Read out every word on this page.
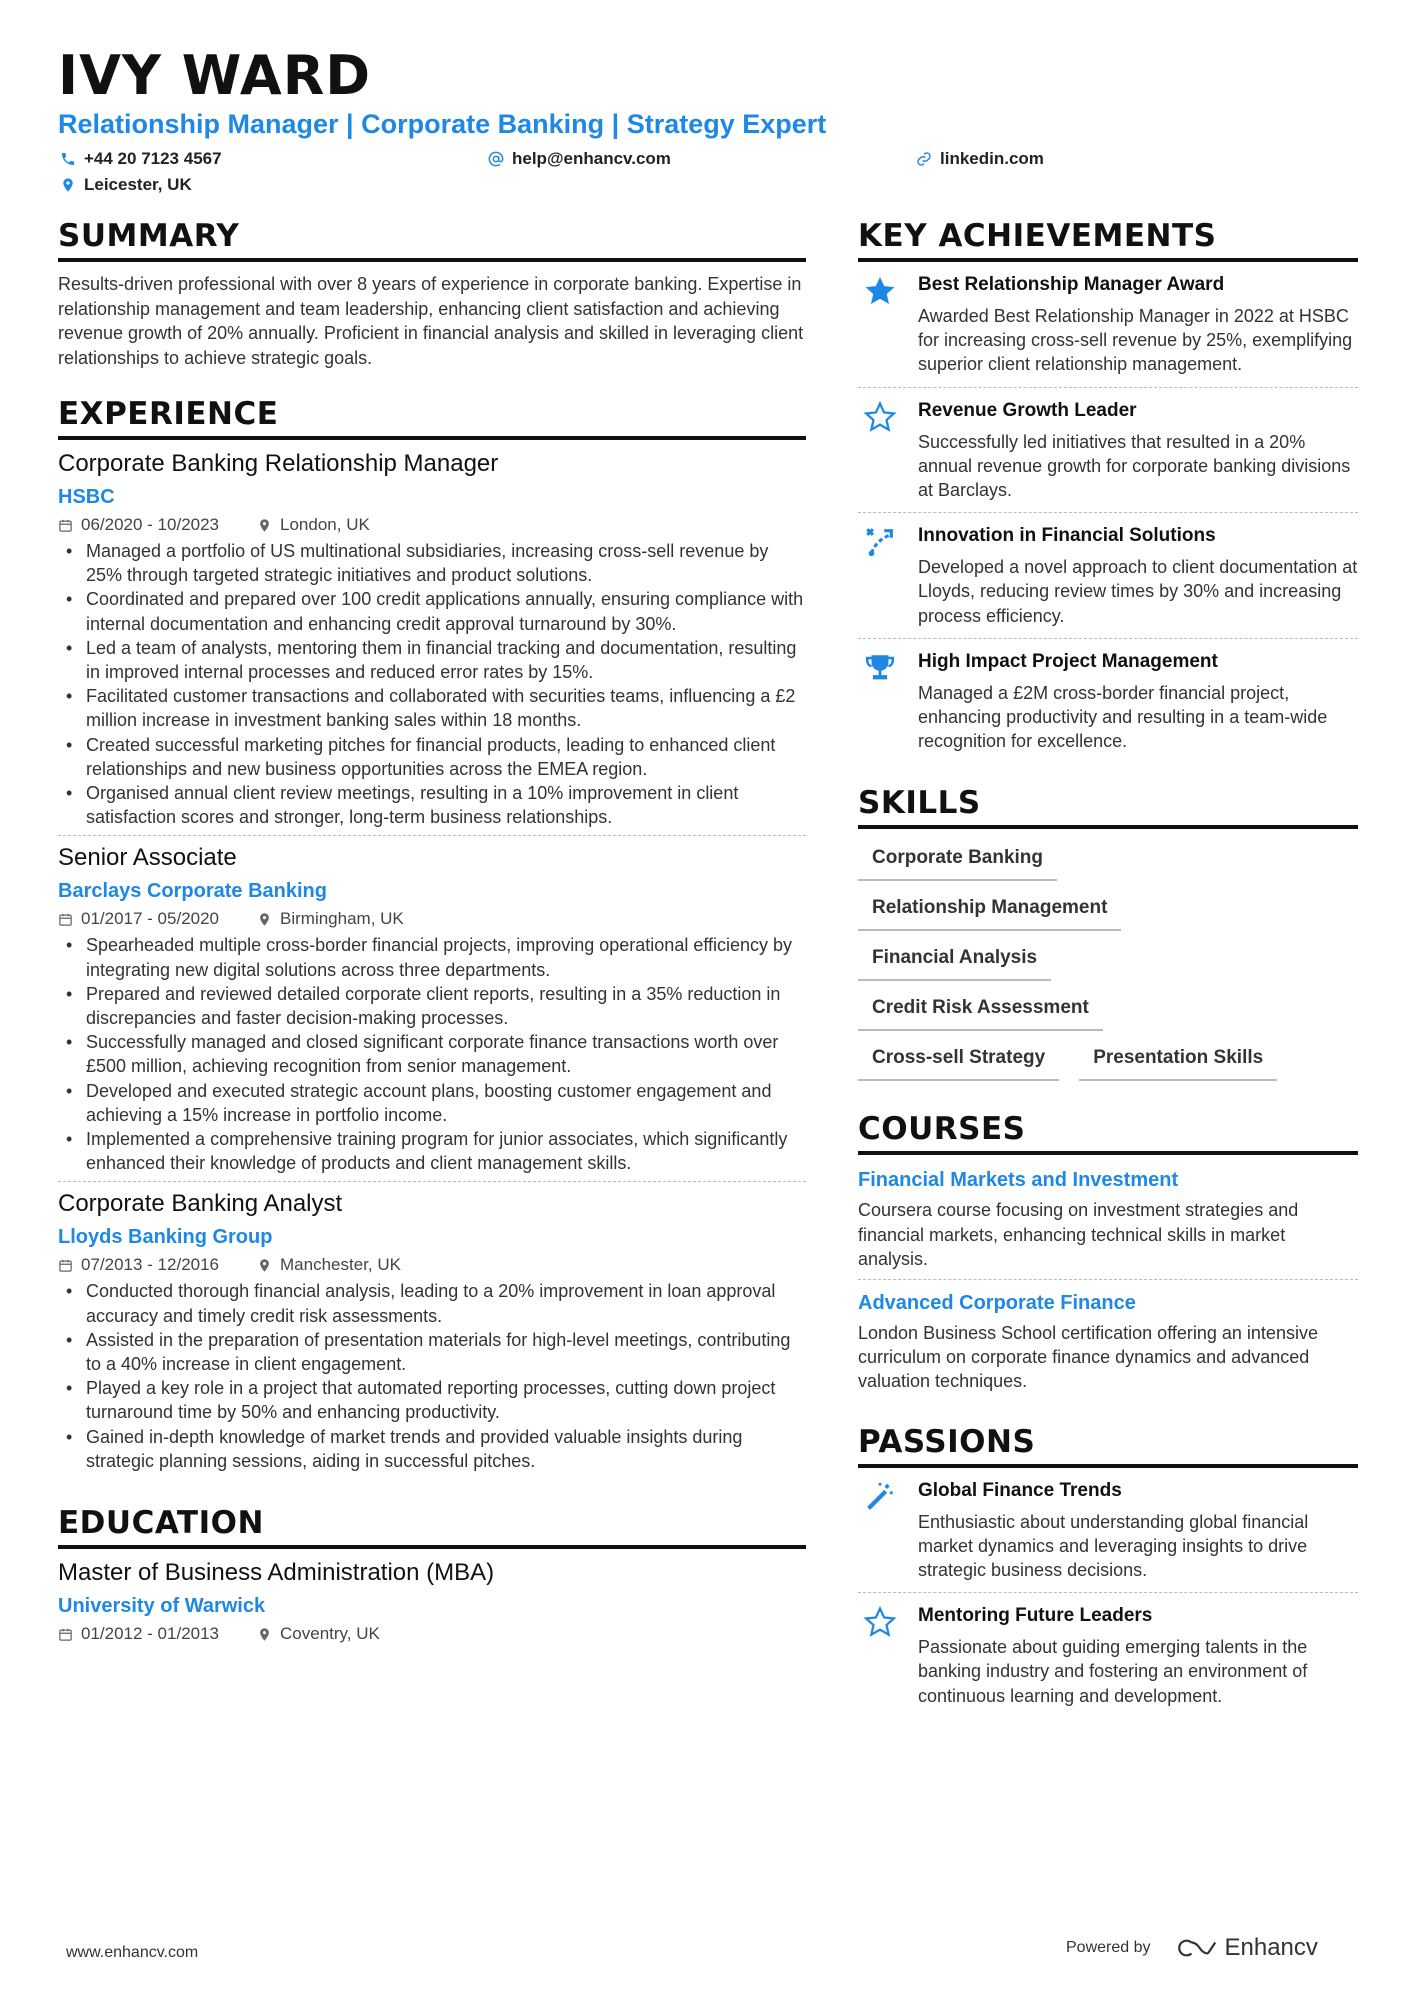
IVY WARD
Relationship Manager | Corporate Banking | Strategy Expert
+44 20 7123 4567	help@enhancv.com	linkedin.com
Leicester, UK
SUMMARY
Results-driven professional with over 8 years of experience in corporate banking. Expertise in relationship management and team leadership, enhancing client satisfaction and achieving revenue growth of 20% annually. Proficient in financial analysis and skilled in leveraging client relationships to achieve strategic goals.
EXPERIENCE
Corporate Banking Relationship Manager
HSBC
06/2020 - 10/2023	London, UK
• Managed a portfolio of US multinational subsidiaries, increasing cross-sell revenue by 25% through targeted strategic initiatives and product solutions.
• Coordinated and prepared over 100 credit applications annually, ensuring compliance with internal documentation and enhancing credit approval turnaround by 30%.
• Led a team of analysts, mentoring them in financial tracking and documentation, resulting in improved internal processes and reduced error rates by 15%.
• Facilitated customer transactions and collaborated with securities teams, influencing a £2 million increase in investment banking sales within 18 months.
• Created successful marketing pitches for financial products, leading to enhanced client relationships and new business opportunities across the EMEA region.
• Organised annual client review meetings, resulting in a 10% improvement in client satisfaction scores and stronger, long-term business relationships.
Senior Associate
Barclays Corporate Banking
01/2017 - 05/2020	Birmingham, UK
• Spearheaded multiple cross-border financial projects, improving operational efficiency by integrating new digital solutions across three departments.
• Prepared and reviewed detailed corporate client reports, resulting in a 35% reduction in discrepancies and faster decision-making processes.
• Successfully managed and closed significant corporate finance transactions worth over £500 million, achieving recognition from senior management.
• Developed and executed strategic account plans, boosting customer engagement and achieving a 15% increase in portfolio income.
• Implemented a comprehensive training program for junior associates, which significantly enhanced their knowledge of products and client management skills.
Corporate Banking Analyst
Lloyds Banking Group
07/2013 - 12/2016	Manchester, UK
• Conducted thorough financial analysis, leading to a 20% improvement in loan approval accuracy and timely credit risk assessments.
• Assisted in the preparation of presentation materials for high-level meetings, contributing to a 40% increase in client engagement.
• Played a key role in a project that automated reporting processes, cutting down project turnaround time by 50% and enhancing productivity.
• Gained in-depth knowledge of market trends and provided valuable insights during strategic planning sessions, aiding in successful pitches.
EDUCATION
Master of Business Administration (MBA)
University of Warwick
01/2012 - 01/2013	Coventry, UK
KEY ACHIEVEMENTS
Best Relationship Manager Award
Awarded Best Relationship Manager in 2022 at HSBC for increasing cross-sell revenue by 25%, exemplifying superior client relationship management.
Revenue Growth Leader
Successfully led initiatives that resulted in a 20% annual revenue growth for corporate banking divisions at Barclays.
Innovation in Financial Solutions
Developed a novel approach to client documentation at Lloyds, reducing review times by 30% and increasing process efficiency.
High Impact Project Management
Managed a £2M cross-border financial project, enhancing productivity and resulting in a team-wide recognition for excellence.
SKILLS
Corporate Banking
Relationship Management
Financial Analysis
Credit Risk Assessment
Cross-sell Strategy	Presentation Skills
COURSES
Financial Markets and Investment
Coursera course focusing on investment strategies and financial markets, enhancing technical skills in market analysis.
Advanced Corporate Finance
London Business School certification offering an intensive curriculum on corporate finance dynamics and advanced valuation techniques.
PASSIONS
Global Finance Trends
Enthusiastic about understanding global financial market dynamics and leveraging insights to drive strategic business decisions.
Mentoring Future Leaders
Passionate about guiding emerging talents in the banking industry and fostering an environment of continuous learning and development.
www.enhancv.com	Powered by	Enhancv
